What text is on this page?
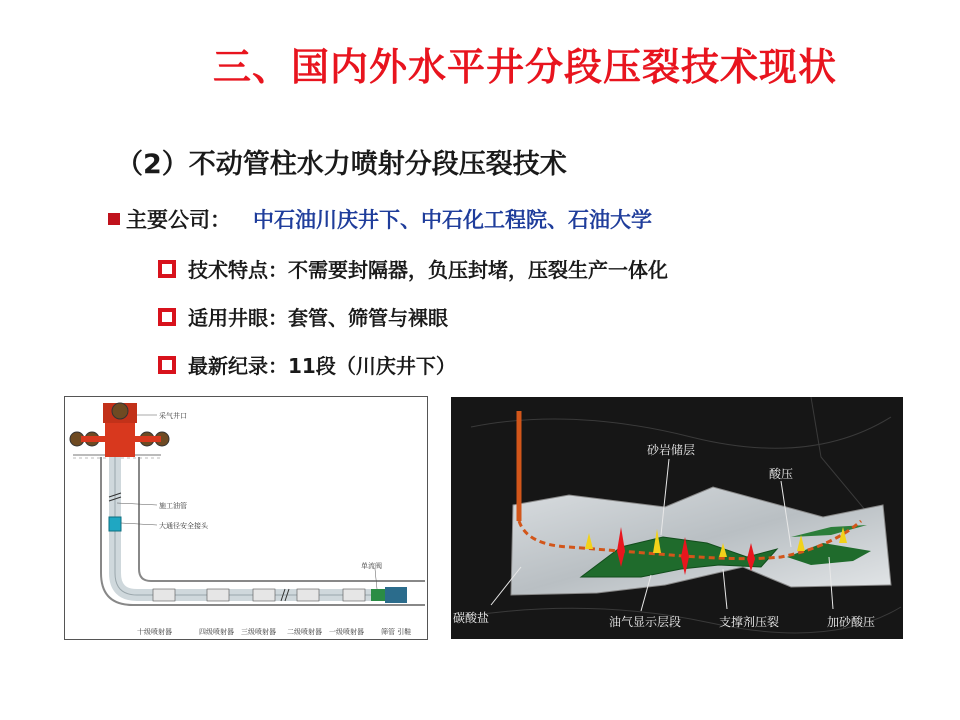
三、国内外水平井分段压裂技术现状
（2）不动管柱水力喷射分段压裂技术
主要公司： 中石油川庆井下、中石化工程院、石油大学
技术特点：不需要封隔器，负压封堵，压裂生产一体化
适用井眼：套管、筛管与裸眼
最新纪录：11段（川庆井下）
采气井口
施工油管
大通径安全接头
单流阀
十级喷射器	四级喷射器 三级喷射器 二级喷射器 一级喷射器 筛管 引鞋
砂岩储层
酸压
碳酸盐	油气显示层段	支撑剂压裂	加砂酸压
